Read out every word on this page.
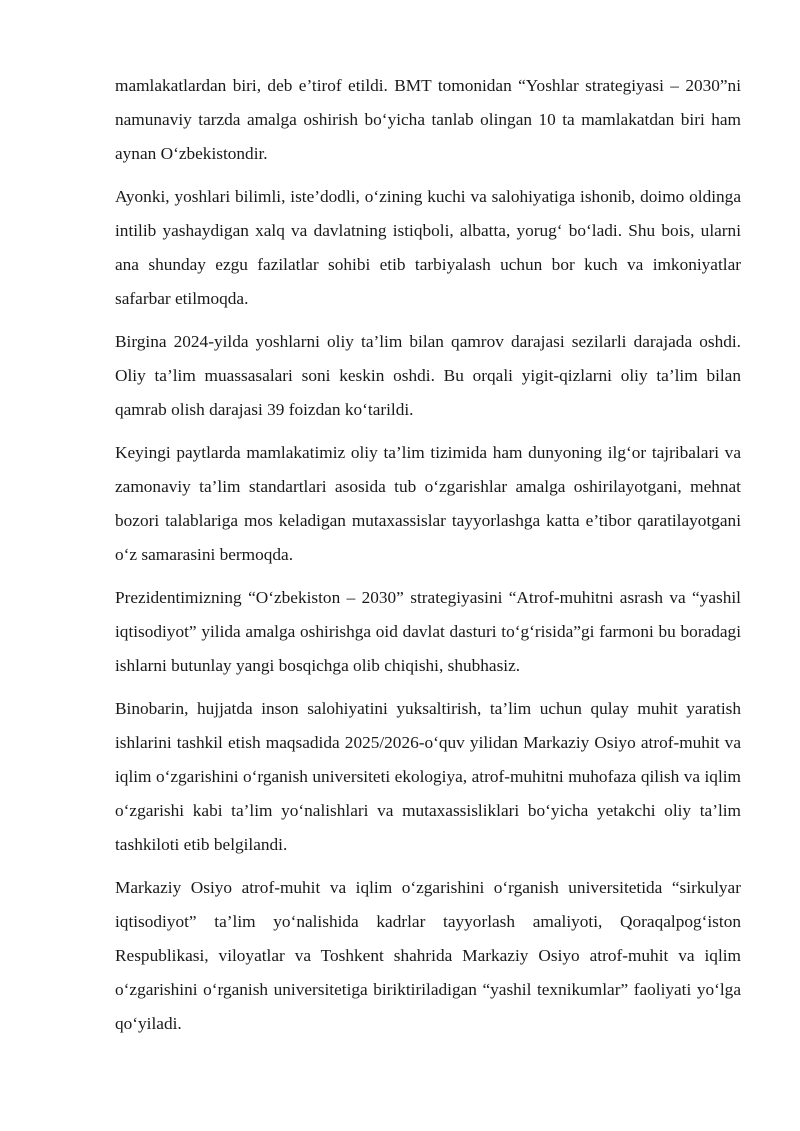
mamlakatlardan biri, deb e’tirof etildi. BMT tomonidan “Yoshlar strategiyasi – 2030”ni namunaviy tarzda amalga oshirish bo‘yicha tanlab olingan 10 ta mamlakatdan biri ham aynan O‘zbekistondir.

Ayonki, yoshlari bilimli, iste’dodli, o‘zining kuchi va salohiyatiga ishonib, doimo oldinga intilib yashaydigan xalq va davlatning istiqboli, albatta, yorug‘ bo‘ladi. Shu bois, ularni ana shunday ezgu fazilatlar sohibi etib tarbiyalash uchun bor kuch va imkoniyatlar safarbar etilmoqda.

Birgina 2024-yilda yoshlarni oliy ta’lim bilan qamrov darajasi sezilarli darajada oshdi. Oliy ta’lim muassasalari soni keskin oshdi. Bu orqali yigit-qizlarni oliy ta’lim bilan qamrab olish darajasi 39 foizdan ko‘tarildi.

Keyingi paytlarda mamlakatimiz oliy ta’lim tizimida ham dunyoning ilg‘or tajribalari va zamonaviy ta’lim standartlari asosida tub o‘zgarishlar amalga oshirilayotgani, mehnat bozori talablariga mos keladigan mutaxassislar tayyorlashga katta e’tibor qaratilayotgani o‘z samarasini bermoqda.

Prezidentimizning “O‘zbekiston – 2030” strategiyasini “Atrof-muhitni asrash va “yashil iqtisodiyot” yilida amalga oshirishga oid davlat dasturi to‘g‘risida”gi farmoni bu boradagi ishlarni butunlay yangi bosqichga olib chiqishi, shubhasiz.

Binobarin, hujjatda inson salohiyatini yuksaltirish, ta’lim uchun qulay muhit yaratish ishlarini tashkil etish maqsadida 2025/2026-o‘quv yilidan Markaziy Osiyo atrof-muhit va iqlim o‘zgarishini o‘rganish universiteti ekologiya, atrof-muhitni muhofaza qilish va iqlim o‘zgarishi kabi ta’lim yo‘nalishlari va mutaxassisliklari bo‘yicha yetakchi oliy ta’lim tashkiloti etib belgilandi.

Markaziy Osiyo atrof-muhit va iqlim o‘zgarishini o‘rganish universitetida “sirkulyar iqtisodiyot” ta’lim yo‘nalishida kadrlar tayyorlash amaliyoti, Qoraqalpog‘iston Respublikasi, viloyatlar va Toshkent shahrida Markaziy Osiyo atrof-muhit va iqlim o‘zgarishini o‘rganish universitetiga biriktiriladigan “yashil texnikumlar” faoliyati yo‘lga qo‘yiladi.
